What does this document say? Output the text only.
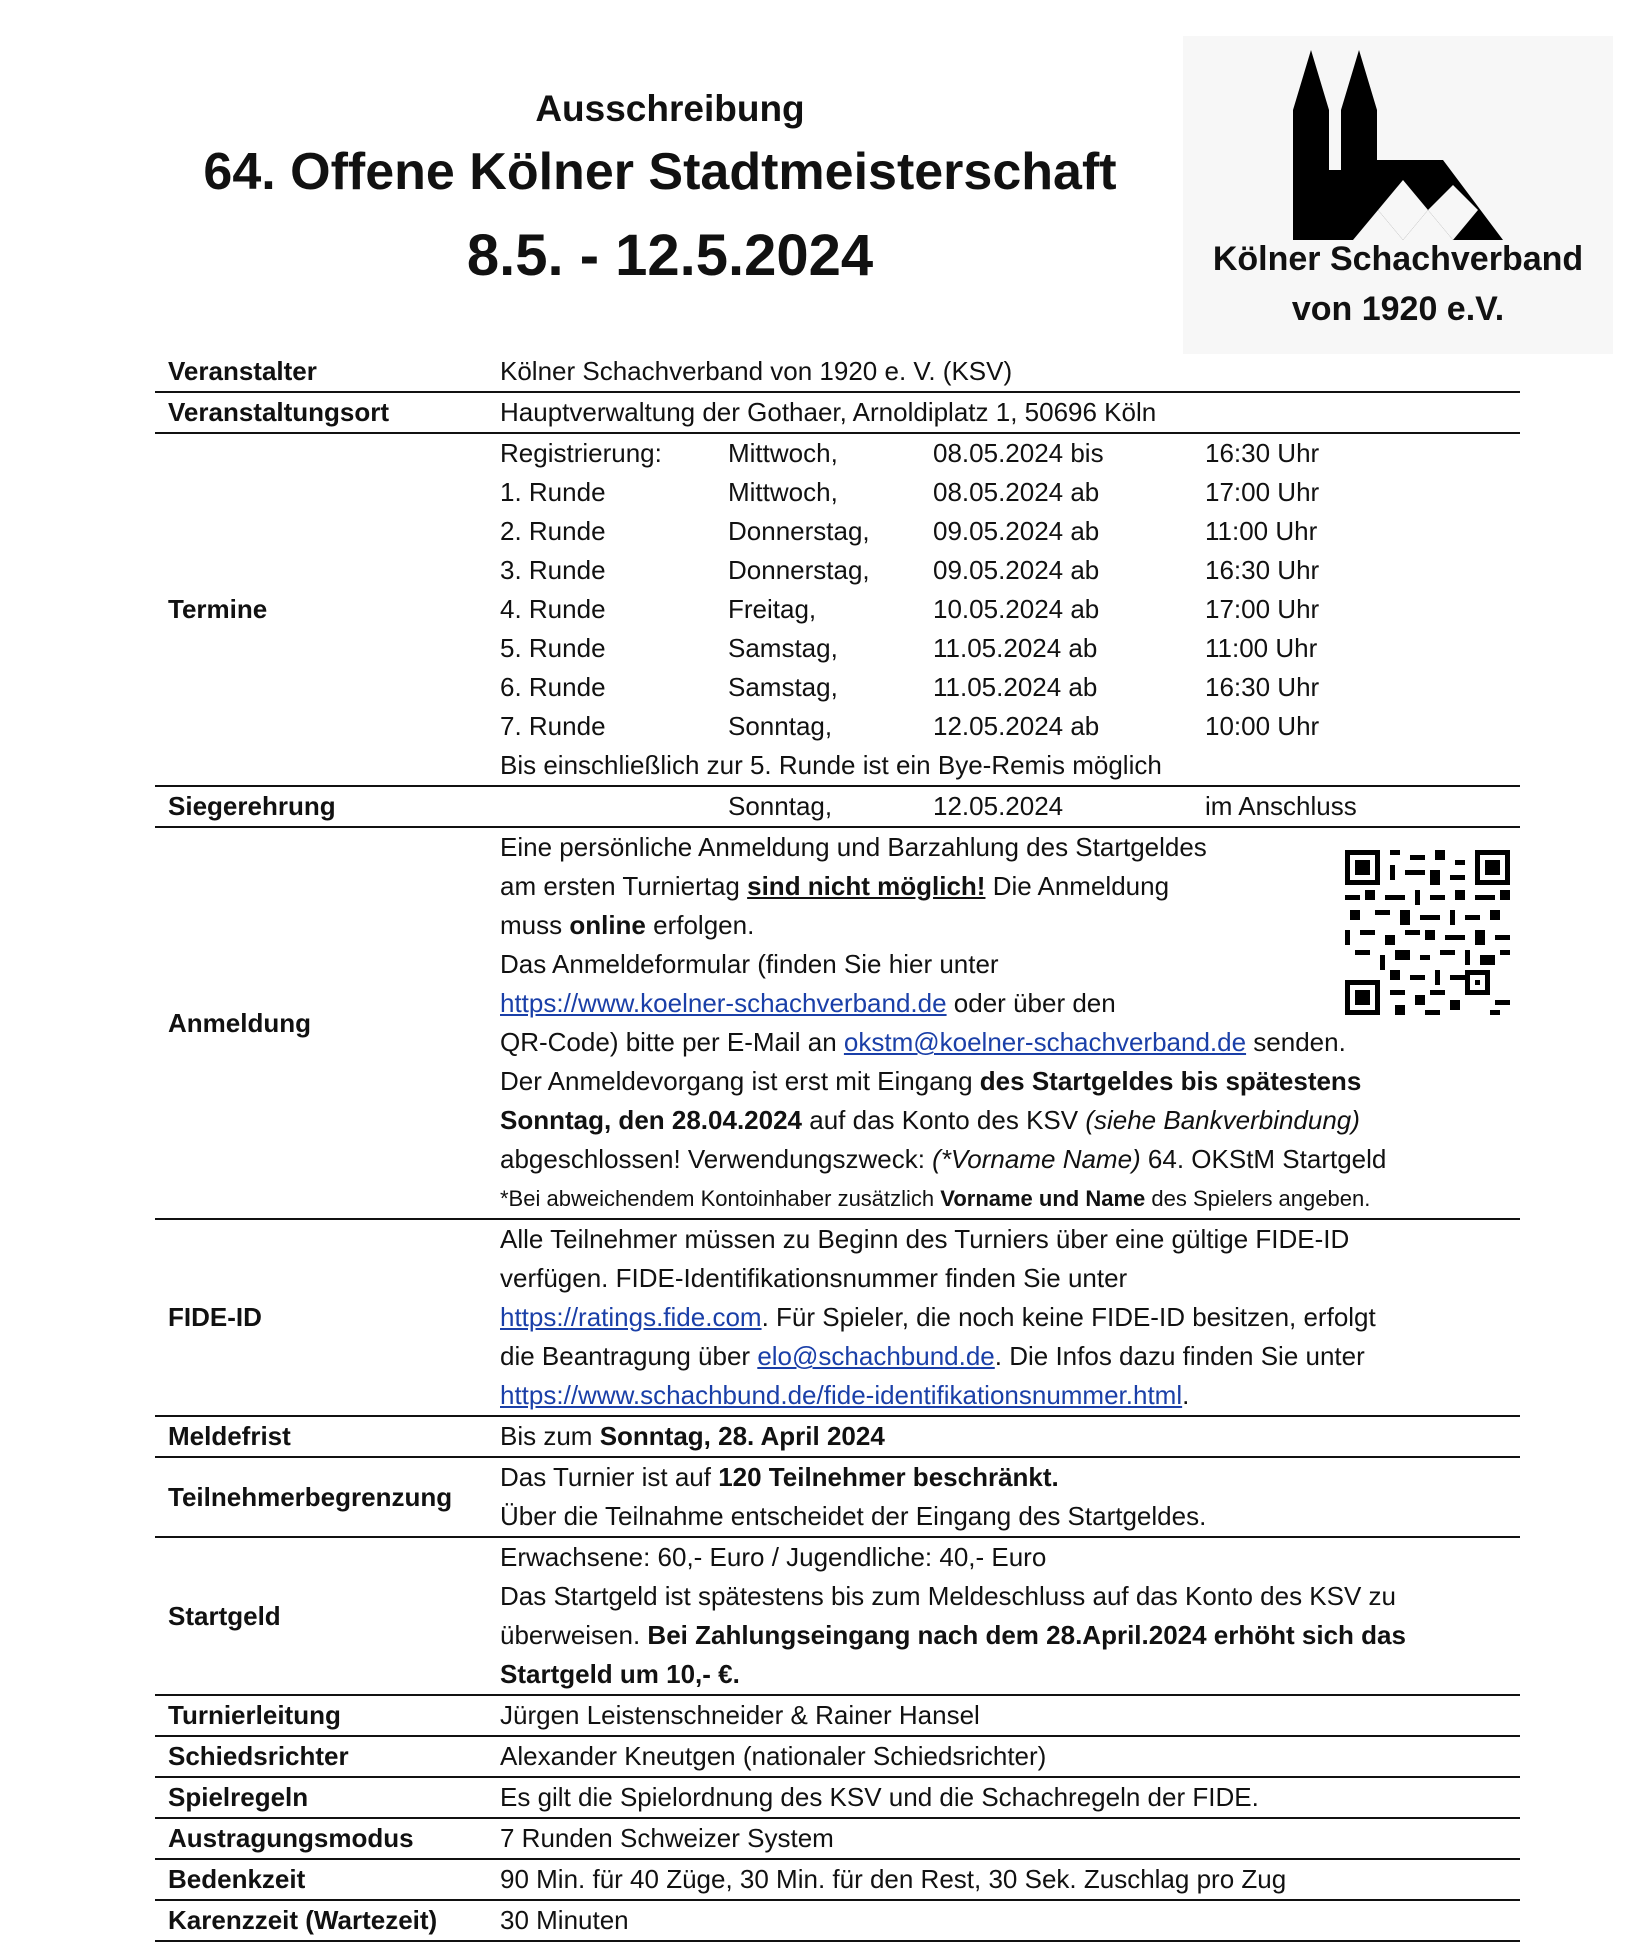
Ausschreibung
64. Offene Kölner Stadtmeisterschaft
8.5. - 12.5.2024	Kölner Schachverband
von 1920 e.V.
Veranstalter	Kölner Schachverband von 1920 e. V. (KSV)
Veranstaltungsort	Hauptverwaltung der Gothaer, Arnoldiplatz 1, 50696 Köln
Termine
Registrierung:	Mittwoch,	08.05.2024 bis	16:30 Uhr
1. Runde	Mittwoch,	08.05.2024 ab	17:00 Uhr
2. Runde	Donnerstag, 09.05.2024 ab	11:00 Uhr
3. Runde	Donnerstag, 09.05.2024 ab	16:30 Uhr
4. Runde	Freitag,	10.05.2024 ab	17:00 Uhr
5. Runde	Samstag,	11.05.2024 ab	11:00 Uhr
6. Runde	Samstag,	11.05.2024 ab	16:30 Uhr
7. Runde	Sonntag,	12.05.2024 ab	10:00 Uhr
Bis einschließlich zur 5. Runde ist ein Bye-Remis möglich
Siegerehrung	Sonntag,	12.05.2024	im Anschluss
Anmeldung
Eine persönliche Anmeldung und Barzahlung des Startgeldes
am ersten Turniertag sind nicht möglich! Die Anmeldung
muss online erfolgen.
Das Anmeldeformular (finden Sie hier unter
https://www.koelner-schachverband.de oder über den
QR-Code) bitte per E-Mail an okstm@koelner-schachverband.de senden.
Der Anmeldevorgang ist erst mit Eingang des Startgeldes bis spätestens
Sonntag, den 28.04.2024 auf das Konto des KSV (siehe Bankverbindung)
abgeschlossen! Verwendungszweck: (*Vorname Name) 64. OKStM Startgeld
*Bei abweichendem Kontoinhaber zusätzlich Vorname und Name des Spielers angeben.
FIDE-ID
Alle Teilnehmer müssen zu Beginn des Turniers über eine gültige FIDE-ID
verfügen. FIDE-Identifikationsnummer finden Sie unter
https://ratings.fide.com. Für Spieler, die noch keine FIDE-ID besitzen, erfolgt
die Beantragung über elo@schachbund.de. Die Infos dazu finden Sie unter
https://www.schachbund.de/fide-identifikationsnummer.html.
Meldefrist	Bis zum Sonntag, 28. April 2024
Teilnehmerbegrenzung
Das Turnier ist auf 120 Teilnehmer beschränkt.
Über die Teilnahme entscheidet der Eingang des Startgeldes.
Startgeld
Erwachsene: 60,- Euro / Jugendliche: 40,- Euro
Das Startgeld ist spätestens bis zum Meldeschluss auf das Konto des KSV zu
überweisen. Bei Zahlungseingang nach dem 28.April.2024 erhöht sich das
Startgeld um 10,- €.
Turnierleitung	Jürgen Leistenschneider & Rainer Hansel
Schiedsrichter	Alexander Kneutgen (nationaler Schiedsrichter)
Spielregeln	Es gilt die Spielordnung des KSV und die Schachregeln der FIDE.
Austragungsmodus	7 Runden Schweizer System
Bedenkzeit	90 Min. für 40 Züge, 30 Min. für den Rest, 30 Sek. Zuschlag pro Zug
Karenzzeit (Wartezeit)	30 Minuten
